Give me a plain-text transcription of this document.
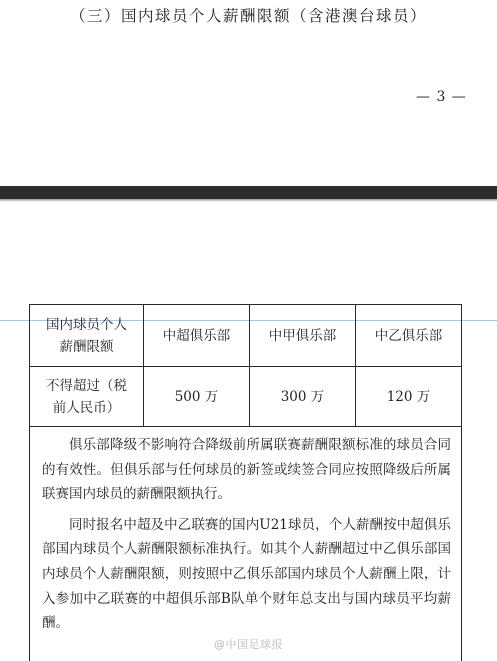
（三）国内球员个人薪酬限额（含港澳台球员）
— 3 —
国内球员个人
薪酬限额	中超俱乐部	中甲俱乐部	中乙俱乐部

不得超过（税
前人民币）	500 万	300 万	120 万

俱乐部降级不影响符合降级前所属联赛薪酬限额标准的球员合同的有效性。但俱乐部与任何球员的新签或续签合同应按照降级后所属联赛国内球员的薪酬限额执行。

同时报名中超及中乙联赛的国内U21球员，个人薪酬按中超俱乐部国内球员个人薪酬限额标准执行。如其个人薪酬超过中乙俱乐部国内球员个人薪酬限额，则按照中乙俱乐部国内球员个人薪酬上限，计入参加中乙联赛的中超俱乐部B队单个财年总支出与国内球员平均薪酬。			

@中国足球报
